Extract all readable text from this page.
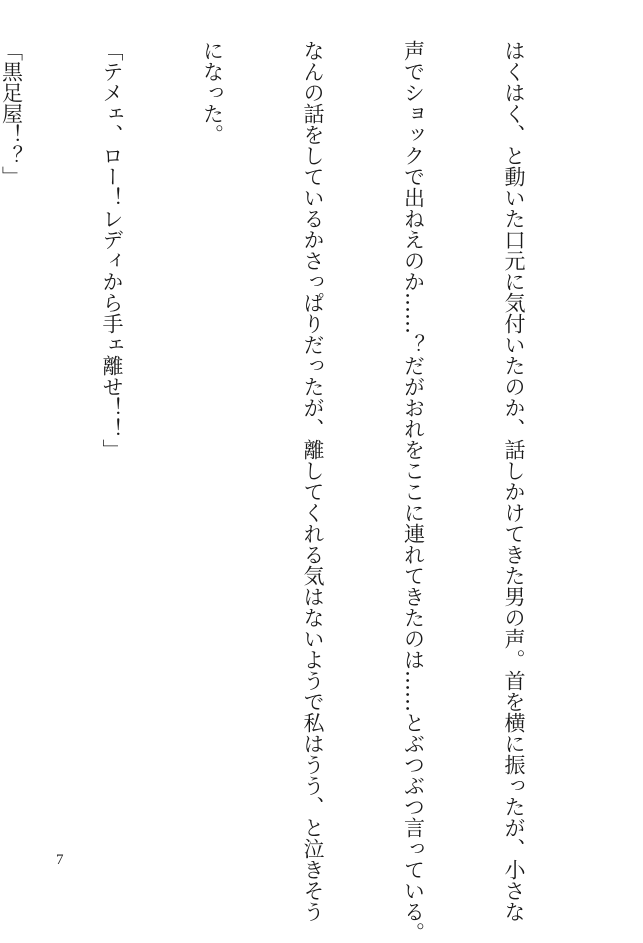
はくはく、と動いた口元に気付いたのか、話しかけてきた男の声。首を横に振ったが、小さな

声でショックで出ねえのか……？だがおれをここに連れてきたのは……とぶつぶつ言っている。

なんの話をしているかさっぱりだったが、離してくれる気はないようで私はうう、と泣きそう

になった。

「テメェ、ロー！レディから手ェ離せ！！」

「黒足屋！？」

7
